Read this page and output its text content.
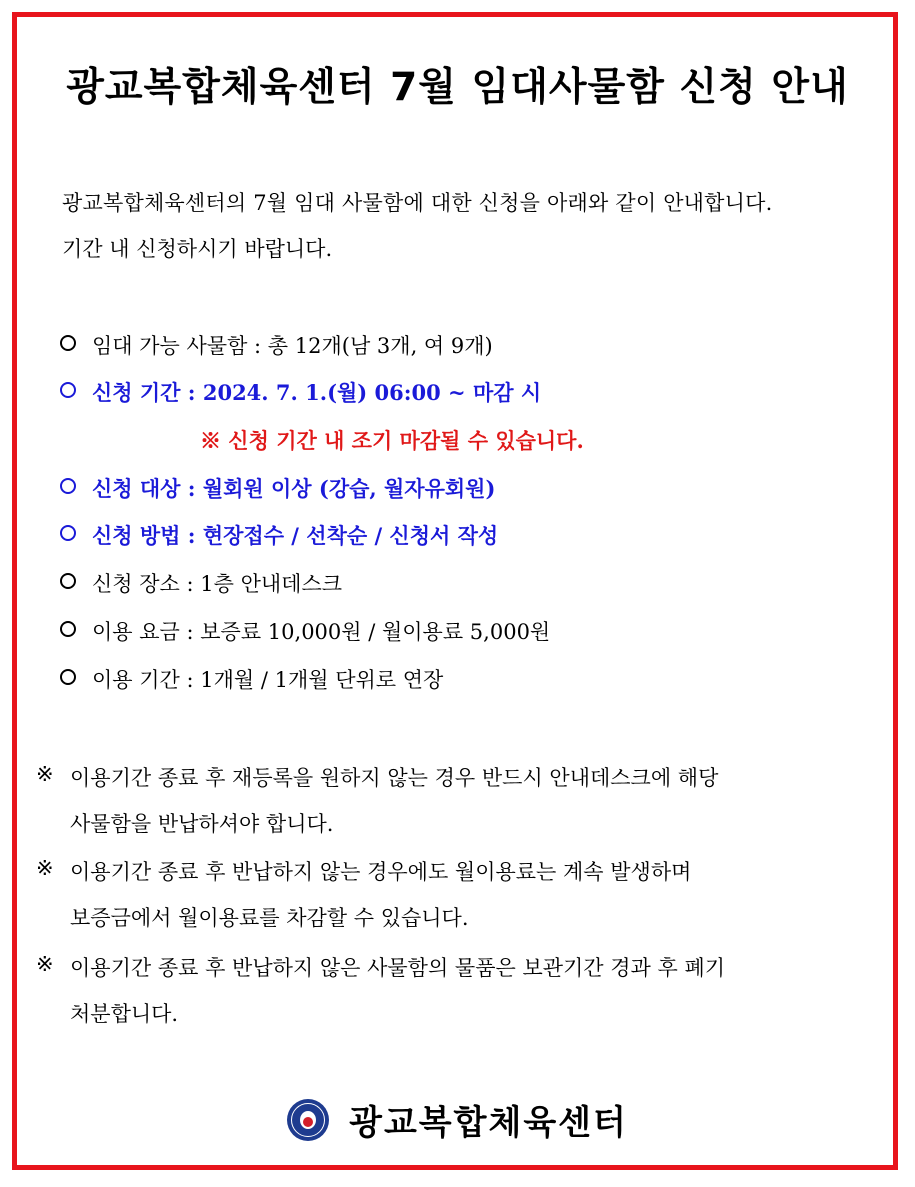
광교복합체육센터 7월 임대사물함 신청 안내
광교복합체육센터의 7월 임대 사물함에 대한 신청을 아래와 같이 안내합니다.
기간 내 신청하시기 바랍니다.
임대 가능 사물함 : 총 12개(남 3개, 여 9개)
신청 기간 : 2024. 7. 1.(월) 06:00 ~ 마감 시
※ 신청 기간 내 조기 마감될 수 있습니다.
신청 대상 : 월회원 이상 (강습, 월자유회원)
신청 방법 : 현장접수 / 선착순 / 신청서 작성
신청 장소 : 1층 안내데스크
이용 요금 : 보증료 10,000원 / 월이용료 5,000원
이용 기간 : 1개월 / 1개월 단위로 연장
※ 이용기간 종료 후 재등록을 원하지 않는 경우 반드시 안내데스크에 해당
사물함을 반납하셔야 합니다.
※ 이용기간 종료 후 반납하지 않는 경우에도 월이용료는 계속 발생하며
보증금에서 월이용료를 차감할 수 있습니다.
※ 이용기간 종료 후 반납하지 않은 사물함의 물품은 보관기간 경과 후 폐기
처분합니다.
광교복합체육센터
